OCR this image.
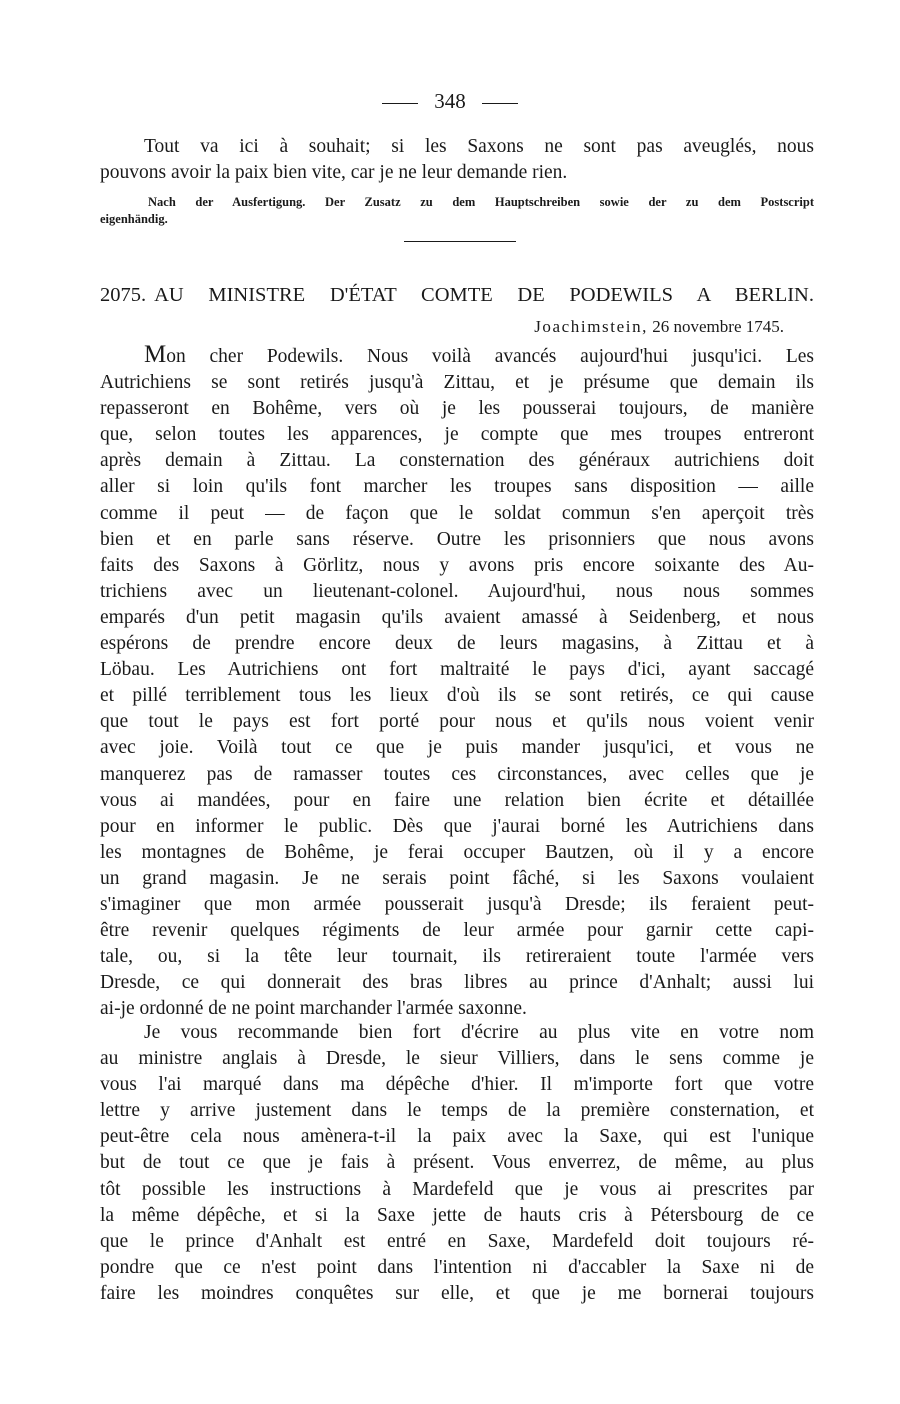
348
Tout va ici à souhait; si les Saxons ne sont pas aveuglés, nous
pouvons avoir la paix bien vite, car je ne leur demande rien.
Nach der Ausfertigung. Der Zusatz zu dem Hauptschreiben sowie der zu dem Postscript
eigenhändig.
2075. AU MINISTRE D'ÉTAT COMTE DE PODEWILS A BERLIN.
Joachimstein, 26 novembre 1745.
Mon cher Podewils. Nous voilà avancés aujourd'hui jusqu'ici. Les
Autrichiens se sont retirés jusqu'à Zittau, et je présume que demain ils
repasseront en Bohême, vers où je les pousserai toujours, de manière
que, selon toutes les apparences, je compte que mes troupes entreront
après demain à Zittau. La consternation des généraux autrichiens doit
aller si loin qu'ils font marcher les troupes sans disposition — aille
comme il peut — de façon que le soldat commun s'en aperçoit très
bien et en parle sans réserve. Outre les prisonniers que nous avons
faits des Saxons à Görlitz, nous y avons pris encore soixante des Au-
trichiens avec un lieutenant-colonel. Aujourd'hui, nous nous sommes
emparés d'un petit magasin qu'ils avaient amassé à Seidenberg, et nous
espérons de prendre encore deux de leurs magasins, à Zittau et à
Löbau. Les Autrichiens ont fort maltraité le pays d'ici, ayant saccagé
et pillé terriblement tous les lieux d'où ils se sont retirés, ce qui cause
que tout le pays est fort porté pour nous et qu'ils nous voient venir
avec joie. Voilà tout ce que je puis mander jusqu'ici, et vous ne
manquerez pas de ramasser toutes ces circonstances, avec celles que je
vous ai mandées, pour en faire une relation bien écrite et détaillée
pour en informer le public. Dès que j'aurai borné les Autrichiens dans
les montagnes de Bohême, je ferai occuper Bautzen, où il y a encore
un grand magasin. Je ne serais point fâché, si les Saxons voulaient
s'imaginer que mon armée pousserait jusqu'à Dresde; ils feraient peut-
être revenir quelques régiments de leur armée pour garnir cette capi-
tale, ou, si la tête leur tournait, ils retireraient toute l'armée vers
Dresde, ce qui donnerait des bras libres au prince d'Anhalt; aussi lui
ai-je ordonné de ne point marchander l'armée saxonne.
Je vous recommande bien fort d'écrire au plus vite en votre nom
au ministre anglais à Dresde, le sieur Villiers, dans le sens comme je
vous l'ai marqué dans ma dépêche d'hier. Il m'importe fort que votre
lettre y arrive justement dans le temps de la première consternation, et
peut-être cela nous amènera-t-il la paix avec la Saxe, qui est l'unique
but de tout ce que je fais à présent. Vous enverrez, de même, au plus
tôt possible les instructions à Mardefeld que je vous ai prescrites par
la même dépêche, et si la Saxe jette de hauts cris à Pétersbourg de ce
que le prince d'Anhalt est entré en Saxe, Mardefeld doit toujours ré-
pondre que ce n'est point dans l'intention ni d'accabler la Saxe ni de
faire les moindres conquêtes sur elle, et que je me bornerai toujours
